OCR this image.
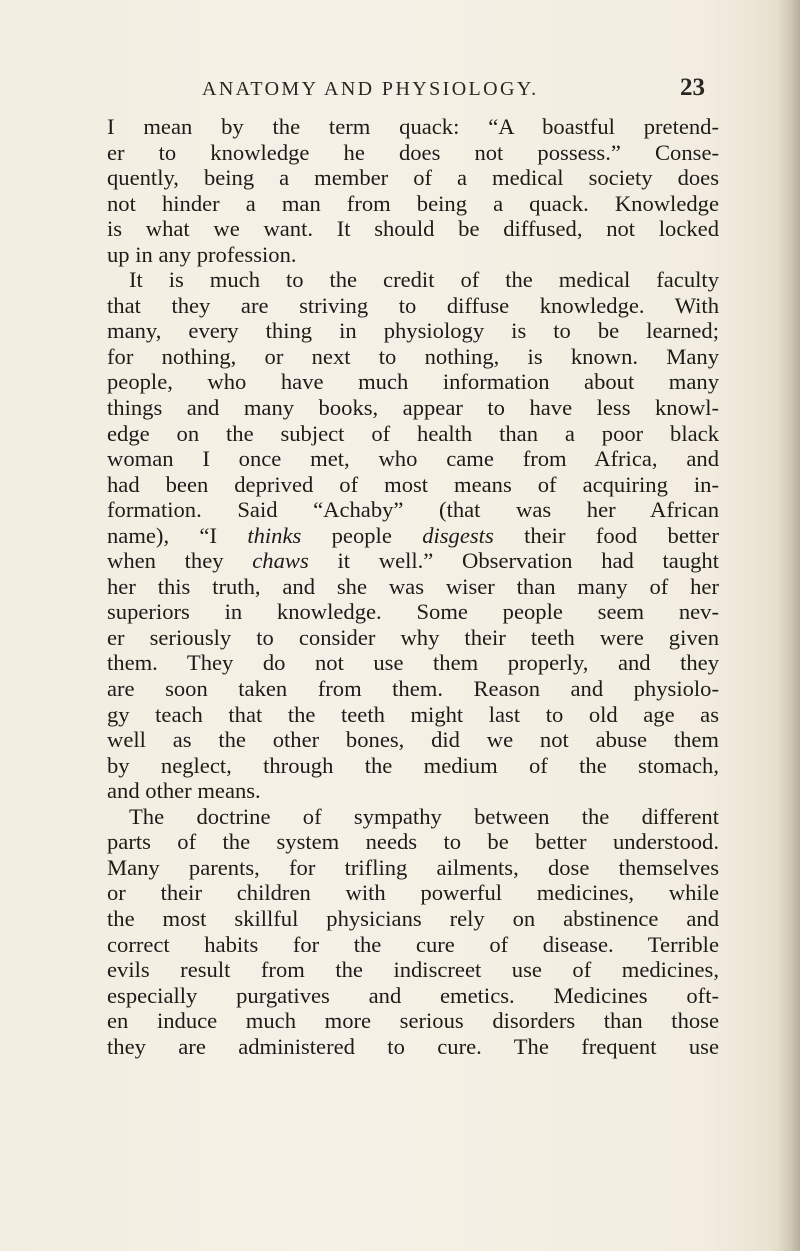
ANATOMY AND PHYSIOLOGY.	23
I mean by the term quack: “A boastful pretend-
er to knowledge he does not possess.” Conse-
quently, being a member of a medical society does
not hinder a man from being a quack. Knowledge
is what we want. It should be diffused, not locked
up in any profession.
It is much to the credit of the medical faculty
that they are striving to diffuse knowledge. With
many, every thing in physiology is to be learned;
for nothing, or next to nothing, is known. Many
people, who have much information about many
things and many books, appear to have less knowl-
edge on the subject of health than a poor black
woman I once met, who came from Africa, and
had been deprived of most means of acquiring in-
formation. Said “Achaby” (that was her African
name), “I thinks people disgests their food better
when they chaws it well.” Observation had taught
her this truth, and she was wiser than many of her
superiors in knowledge. Some people seem nev-
er seriously to consider why their teeth were given
them. They do not use them properly, and they
are soon taken from them. Reason and physiolo-
gy teach that the teeth might last to old age as
well as the other bones, did we not abuse them
by neglect, through the medium of the stomach,
and other means.
The doctrine of sympathy between the different
parts of the system needs to be better understood.
Many parents, for trifling ailments, dose themselves
or their children with powerful medicines, while
the most skillful physicians rely on abstinence and
correct habits for the cure of disease. Terrible
evils result from the indiscreet use of medicines,
especially purgatives and emetics. Medicines oft-
en induce much more serious disorders than those
they are administered to cure. The frequent use
